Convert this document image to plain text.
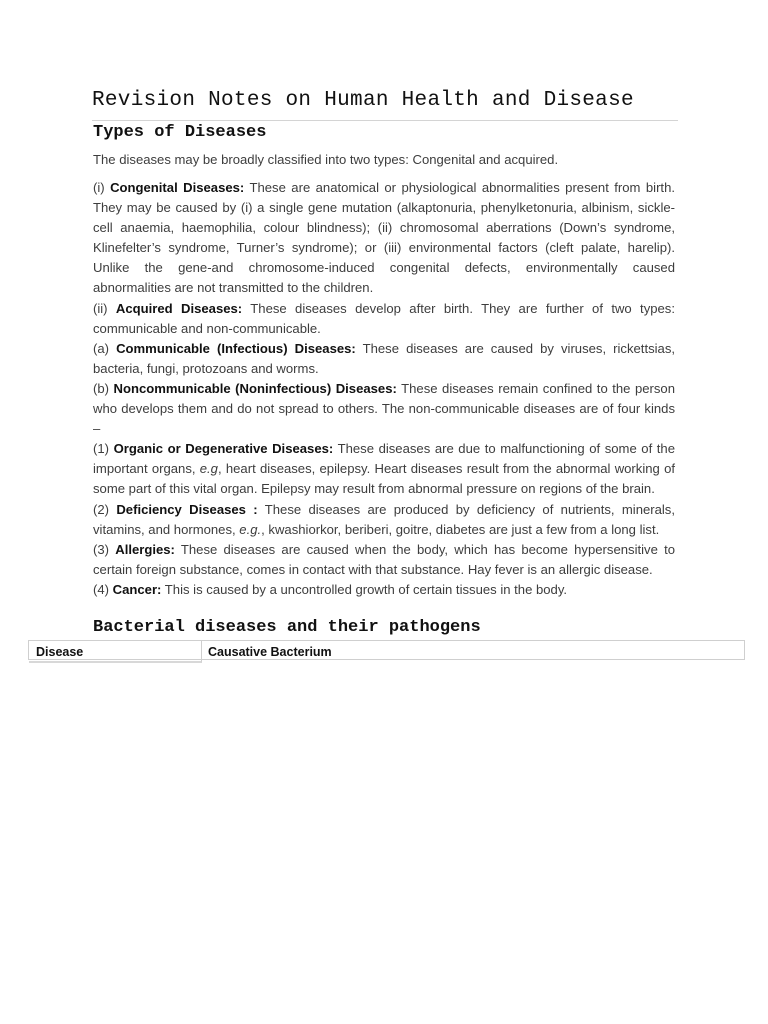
Revision Notes on Human Health and Disease
Types of Diseases
The diseases may be broadly classified into two types: Congenital and acquired.

(i) Congenital Diseases: These are anatomical or physiological abnormalities present from birth. They may be caused by (i) a single gene mutation (alkaptonuria, phenylketonuria, albinism, sickle-cell anaemia, haemophilia, colour blindness); (ii) chromosomal aberrations (Down’s syndrome, Klinefelter’s syndrome, Turner’s syndrome); or (iii) environmental factors (cleft palate, harelip). Unlike the gene-and chromosome-induced congenital defects, environmentally caused abnormalities are not transmitted to the children.

(ii) Acquired Diseases: These diseases develop after birth. They are further of two types: communicable and non-communicable.

(a) Communicable (Infectious) Diseases: These diseases are caused by viruses, rickettsias, bacteria, fungi, protozoans and worms.

(b) Noncommunicable (Noninfectious) Diseases: These diseases remain confined to the person who develops them and do not spread to others. The non-communicable diseases are of four kinds –

(1) Organic or Degenerative Diseases: These diseases are due to malfunctioning of some of the important organs, e.g, heart diseases, epilepsy. Heart diseases result from the abnormal working of some part of this vital organ. Epilepsy may result from abnormal pressure on regions of the brain.

(2) Deficiency Diseases : These diseases are produced by deficiency of nutrients, minerals, vitamins, and hormones, e.g., kwashiorkor, beriberi, goitre, diabetes are just a few from a long list.

(3) Allergies: These diseases are caused when the body, which has become hypersensitive to certain foreign substance, comes in contact with that substance. Hay fever is an allergic disease.

(4) Cancer: This is caused by a uncontrolled growth of certain tissues in the body.

Bacterial diseases and their pathogens
Disease	Causative Bacterium
